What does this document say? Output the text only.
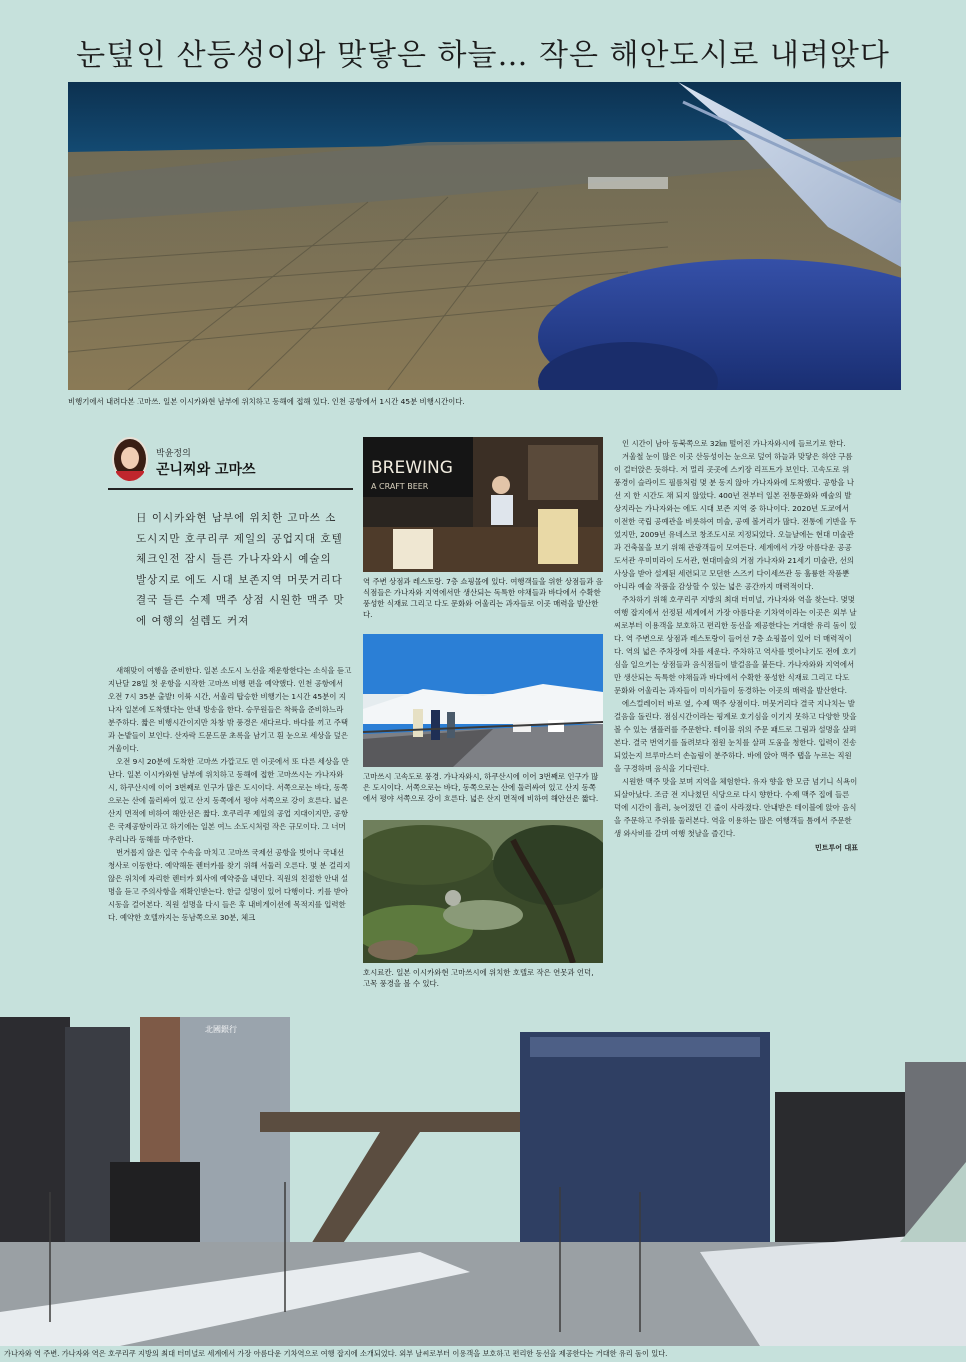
눈덮인 산등성이와 맞닿은 하늘… 작은 해안도시로 내려앉다

비행기에서 내려다본 고마쓰. 일본 이시카와현 남부에 위치하고 동해에 접해 있다. 인천 공항에서 1시간 45분 비행시간이다.

박윤정의
곤니찌와 고마쓰

日 이시카와현 남부에 위치한 고마쓰 소도시지만 호쿠리쿠 제일의 공업지대 호텔 체크인전 잠시 들른 가나자와시 예술의 발상지로 에도 시대 보존지역 머뭇거리다 결국 들른 수제 맥주 상점 시원한 맥주 맛에 여행의 설렘도 커져

새해맞이 여행을 준비한다. 일본 소도시 노선을 재운항한다는 소식을 듣고 지난달 28일 첫 운항을 시작한 고마쓰 비행 편을 예약했다. 인천 공항에서 오전 7시 35분 출발! 이륙 시간, 서울리 탑승한 비행기는 1시간 45분이 지나자 일본에 도착했다는 안내 방송을 한다. 승무원들은 착륙을 준비하느라 분주하다. 짧은 비행시간이지만 차창 밖 풍경은 새다르다. 바다를 끼고 주택과 논밭들이 보인다. 산자락 드문드문 초록을 남기고 흰 눈으로 세상을 덮은 겨울이다.

오전 9시 20분에 도착한 고마쓰 가깝고도 먼 이곳에서 또 다른 세상을 만난다. 일본 이시카와현 남부에 위치하고 동해에 접한 고마쓰시는 가나자와시, 하쿠산시에 이어 3번째로 인구가 많은 도시이다. 서쪽으로는 바다, 동쪽으로는 산에 둘러싸여 있고 산지 동쪽에서 평야 서쪽으로 강이 흐른다. 넓은 산지 면적에 비하여 해안선은 짧다. 호쿠리쿠 제일의 공업 지대이지만, 공항은 국제공항이라고 하기에는 일본 여느 소도시처럼 작은 규모이다. 그 너머 우리나라 동해를 마주한다.

번거롭지 않은 입국 수속을 마치고 고마쓰 국제선 공항을 벗어나 국내선 청사로 이동한다. 예약해둔 렌터카를 찾기 위해 서둘러 오른다. 몇 분 걸리지 않은 위치에 자리한 렌터카 회사에 예약증을 내민다. 직원의 친절한 안내 설명을 듣고 주의사항을 재확인받는다. 한글 설명이 있어 다행이다. 키를 받아 시동을 걸어본다. 직원 설명을 다시 들은 후 내비게이션에 목적지를 입력한다. 예약한 호텔까지는 동남쪽으로 30분, 체크

BREWING
A CRAFT BEER

역 주변 상점과 레스토랑. 7층 쇼핑몰에 있다. 여행객들을 위한 상점들과 음식점들은 가나자와 지역에서만 생산되는 독특한 야채들과 바다에서 수확한 풍성한 식재료 그리고 다도 문화와 어울리는 과자들로 이곳 매력을 발산한다.

고마쓰시 고속도로 풍경. 가나자와시, 하쿠산시에 이어 3번째로 인구가 많은 도시이다. 서쪽으로는 바다, 동쪽으로는 산에 둘러싸여 있고 산지 동쪽에서 평야 서쪽으로 강이 흐른다. 넓은 산지 면적에 비하여 해안선은 짧다.

호시료칸. 일본 이시카와현 고마쓰시에 위치한 호텔로 작은 연못과 언덕, 고목 풍경을 볼 수 있다.

인 시간이 남아 동북쪽으로 32㎞ 떨어진 가나자와시에 들르기로 한다.

겨울철 눈이 많은 이곳 산등성이는 눈으로 덮여 하늘과 맞닿은 하얀 구름이 걸터앉은 듯하다. 저 멀리 곳곳에 스키장 리프트가 보인다. 고속도로 위 풍경이 슬라이드 필름처럼 몇 분 동지 않아 가나자와에 도착했다. 공항을 나선 지 한 시간도 채 되지 않았다. 400년 전부터 일본 전통문화와 예술의 발상지라는 가나자와는 에도 시대 보존 지역 중 하나이다. 2020년 도쿄에서 이전한 국립 공예관을 비롯하여 미술, 공예 볼거리가 많다. 전통에 기반을 두었지만, 2009년 유네스코 창조도시로 지정되었다. 오늘날에는 현대 미술관과 건축물을 보기 위해 관광객들이 모여든다. 세계에서 가장 아름다운 공공 도서관 우미미라이 도서관, 현대미술의 거점 가나자와 21세기 미술관, 선의 사상을 받아 설계된 세련되고 모던한 스즈키 다이세쓰관 등 훌륭한 작품뿐 아니라 예술 작품을 감상할 수 있는 넓은 공간까지 매력적이다.

주차하기 위해 호쿠리쿠 지방의 최대 터미널, 가나자와 역을 찾는다. 몇몇 여행 잡지에서 선정된 세계에서 가장 아름다운 기차역이라는 이곳은 외부 날씨로부터 이용객을 보호하고 편리한 동선을 제공한다는 거대한 유리 돔이 있다. 역 주변으로 상점과 레스토랑이 들어선 7층 쇼핑몰이 있어 더 매력적이다. 역의 넓은 주차장에 차를 세운다. 주차하고 역사를 벗어나기도 전에 호기심을 일으키는 상점들과 음식점들이 발걸음을 붙든다. 가나자와와 지역에서만 생산되는 독특한 야채들과 바다에서 수확한 풍성한 식재료 그리고 다도 문화와 어울리는 과자들이 미식가들이 동경하는 이곳의 매력을 발산한다.

에스컬레이터 바로 옆, 수제 맥주 상점이다. 머뭇거리다 결국 지나치는 발걸음을 돌린다. 점심시간이라는 핑계로 호기심을 이기지 못하고 다양한 맛을 볼 수 있는 샘플러를 주문한다. 테이블 위의 주문 패드로 그림과 설명을 살펴본다. 결국 번역기를 돌려보다 점원 눈치를 살펴 도움을 청한다. 입력이 진송되었는지 브루마스터 손놀림이 분주하다. 바에 앉아 맥주 탭을 누르는 직원을 구경하며 음식을 기다린다.

시원한 맥주 맛을 보며 지역을 체험한다. 유자 향을 한 모금 넘기니 식욕이 되살아났다. 조금 전 지나쳤던 식당으로 다시 향한다. 수제 맥주 집에 들른 덕에 시간이 흘러, 늦어졌던 긴 줄이 사라졌다. 안내받은 테이블에 앉아 음식을 주문하고 주위를 둘러본다. 역을 이용하는 많은 여행객들 틈에서 주문한 생 와사비를 갈며 여행 첫날을 즐긴다.

민트투어 대표

北國銀行

가나자와 역 주변. 가나자와 역은 호쿠리쿠 지방의 최대 터미널로 세계에서 가장 아름다운 기차역으로 여행 잡지에 소개되었다. 외부 날씨로부터 이용객을 보호하고 편리한 동선을 제공한다는 거대한 유리 돔이 있다.
